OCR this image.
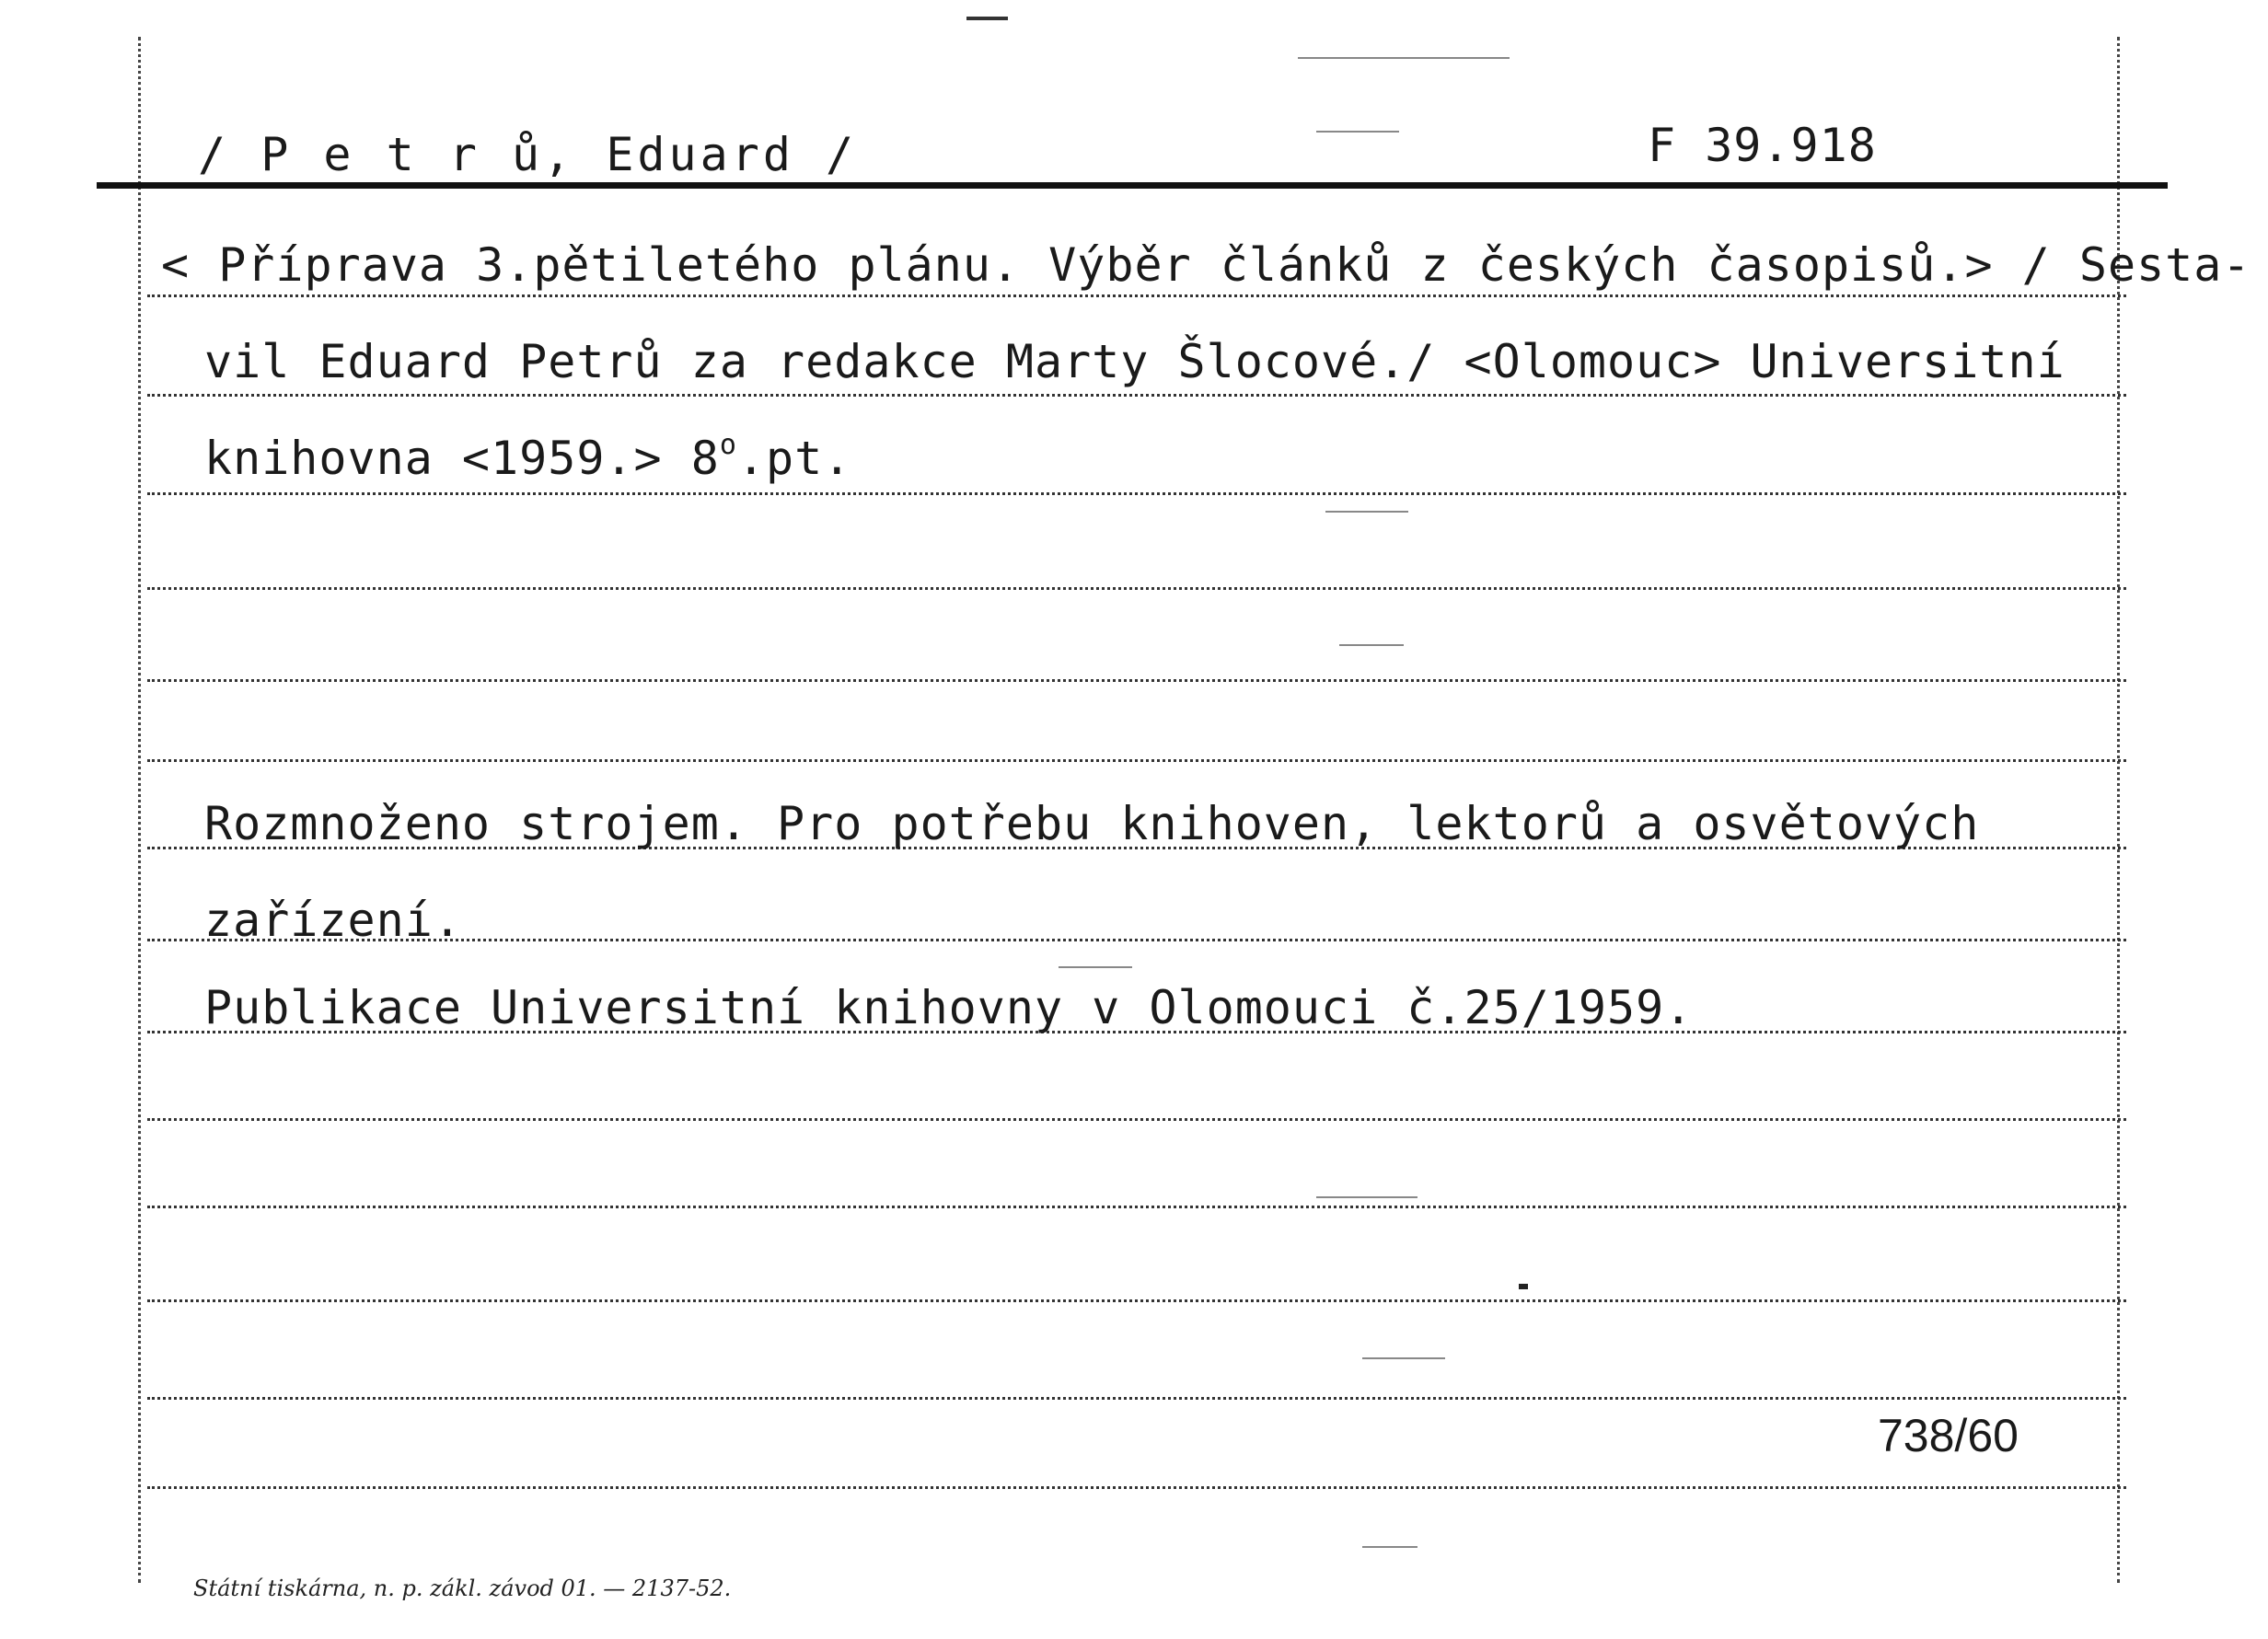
/ P e t r ů, Eduard /	F 39.918
< Příprava 3.pětiletého plánu. Výběr článků z českých časopisů.> / Sesta-
vil Eduard Petrů za redakce Marty Šlocové./ <Olomouc> Universitní
knihovna $<1959.> 8^o.pt$.
Rozmnoženo strojem. Pro potřebu knihoven, lektorů a osvětových
zařízení.
Publikace Universitní knihovny v Olomouci č.25/1959.
738/60
Státní tiskárna, n. p. zákl. závod 01. — 2137-52.
